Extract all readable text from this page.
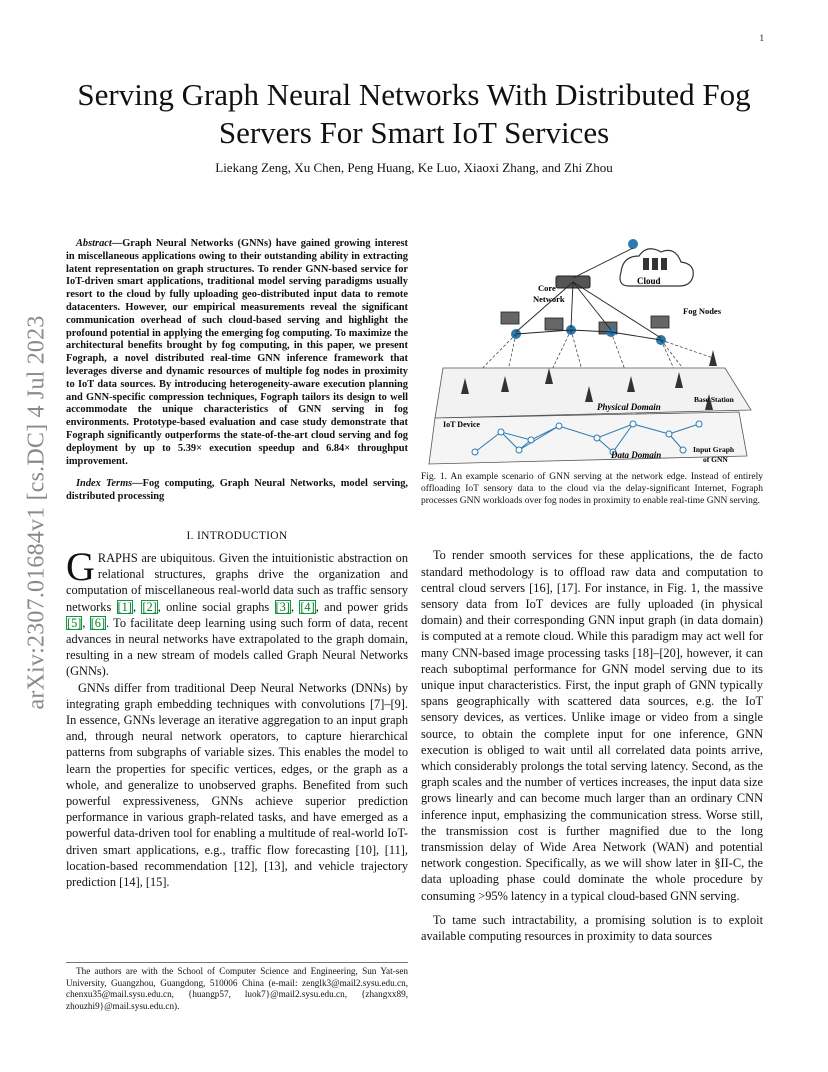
1
Serving Graph Neural Networks With Distributed Fog Servers For Smart IoT Services
Liekang Zeng, Xu Chen, Peng Huang, Ke Luo, Xiaoxi Zhang, and Zhi Zhou
arXiv:2307.01684v1 [cs.DC] 4 Jul 2023

Abstract—Graph Neural Networks (GNNs) have gained growing interest in miscellaneous applications owing to their outstanding ability in extracting latent representation on graph structures. To render GNN-based service for IoT-driven smart applications, traditional model serving paradigms usually resort to the cloud by fully uploading geo-distributed input data to remote datacenters. However, our empirical measurements reveal the significant communication overhead of such cloud-based serving and highlight the profound potential in applying the emerging fog computing. To maximize the architectural benefits brought by fog computing, in this paper, we present Fograph, a novel distributed real-time GNN inference framework that leverages diverse and dynamic resources of multiple fog nodes in proximity to IoT data sources. By introducing heterogeneity-aware execution planning and GNN-specific compression techniques, Fograph tailors its design to well accommodate the unique characteristics of GNN serving in fog environments. Prototype-based evaluation and case study demonstrate that Fograph significantly outperforms the state-of-the-art cloud serving and fog deployment by up to 5.39× execution speedup and 6.84× throughput improvement.

Index Terms—Fog computing, Graph Neural Networks, model serving, distributed processing

I. INTRODUCTION

GRAPHS are ubiquitous. Given the intuitionistic abstraction on relational structures, graphs drive the organization and computation of miscellaneous real-world data such as traffic sensory networks [1], [2], online social graphs [3], [4], and power grids [5], [6]. To facilitate deep learning using such form of data, recent advances in neural networks have extrapolated to the graph domain, resulting in a new stream of models called Graph Neural Networks (GNNs).

GNNs differ from traditional Deep Neural Networks (DNNs) by integrating graph embedding techniques with convolutions [7]–[9]. In essence, GNNs leverage an iterative aggregation to an input graph and, through neural network operators, to capture hierarchical patterns from subgraphs of variable sizes. This enables the model to learn the properties for specific vertices, edges, or the graph as a whole, and generalize to unobserved graphs. Benefited from such powerful expressiveness, GNNs achieve superior prediction performance in various graph-related tasks, and have emerged as a powerful data-driven tool for enabling a multitude of real-world IoT-driven smart applications, e.g., traffic flow forecasting [10], [11], location-based recommendation [12], [13], and vehicle trajectory prediction [14], [15].

The authors are with the School of Computer Science and Engineering, Sun Yat-sen University, Guangzhou, Guangdong, 510006 China (e-mail: zenglk3@mail2.sysu.edu.cn, chenxu35@mail.sysu.edu.cn, {huangp57, luok7}@mail2.sysu.edu.cn, {zhangxx89, zhouzhi9}@mail.sysu.edu.cn).
Cloud
Core
Network
Fog Nodes
Physical Domain
Base Station
IoT Device
Data Domain
Input Graph
of GNN

Fig. 1. An example scenario of GNN serving at the network edge. Instead of entirely offloading IoT sensory data to the cloud via the delay-significant Internet, Fograph processes GNN workloads over fog nodes in proximity to enable real-time GNN serving.

To render smooth services for these applications, the de facto standard methodology is to offload raw data and computation to central cloud servers [16], [17]. For instance, in Fig. 1, the massive sensory data from IoT devices are fully uploaded (in physical domain) and their corresponding GNN input graph (in data domain) is computed at a remote cloud. While this paradigm may act well for many CNN-based image processing tasks [18]–[20], however, it can reach suboptimal performance for GNN model serving due to its unique input characteristics. First, the input graph of GNN typically spans geographically with scattered data sources, e.g. the IoT sensory devices, as vertices. Unlike image or video from a single source, to obtain the complete input for one inference, GNN execution is obliged to wait until all correlated data points arrive, which considerably prolongs the total serving latency. Second, as the graph scales and the number of vertices increases, the input data size grows linearly and can become much larger than an ordinary CNN inference input, emphasizing the communication stress. Worse still, the transmission cost is further magnified due to the long transmission delay of Wide Area Network (WAN) and potential network congestion. Specifically, as we will show later in §II-C, the data uploading phase could dominate the whole procedure by consuming >95% latency in a typical cloud-based GNN serving.

To tame such intractability, a promising solution is to exploit available computing resources in proximity to data sources
